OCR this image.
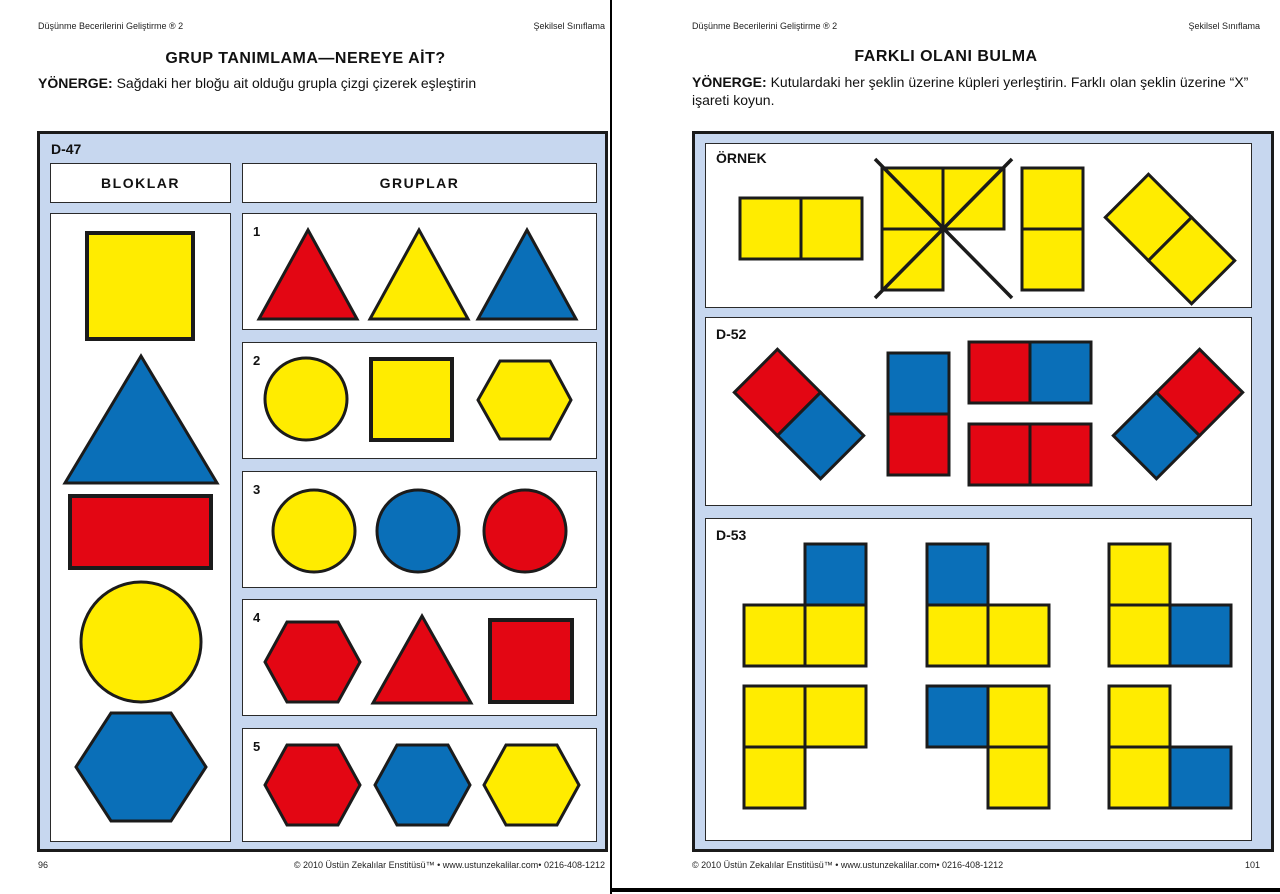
Düşünme Becerilerini Geliştirme ® 2	Şekilsel Sınıflama
GRUP TANIMLAMA—NEREYE AİT?
YÖNERGE: Sağdaki her bloğu ait olduğu grupla çizgi çizerek eşleştirin
D-47
BLOKLAR	GRUPLAR
1
2
3
4
5
96	© 2010 Üstün Zekalılar Enstitüsü™ • www.ustunzekalilar.com• 0216-408-1212
Düşünme Becerilerini Geliştirme ® 2	Şekilsel Sınıflama
FARKLI OLANI BULMA
YÖNERGE: Kutulardaki her şeklin üzerine küpleri yerleştirin. Farklı olan şeklin üzerine “X” işareti koyun.
ÖRNEK
D-52
D-53
© 2010 Üstün Zekalılar Enstitüsü™ • www.ustunzekalilar.com• 0216-408-1212	101
